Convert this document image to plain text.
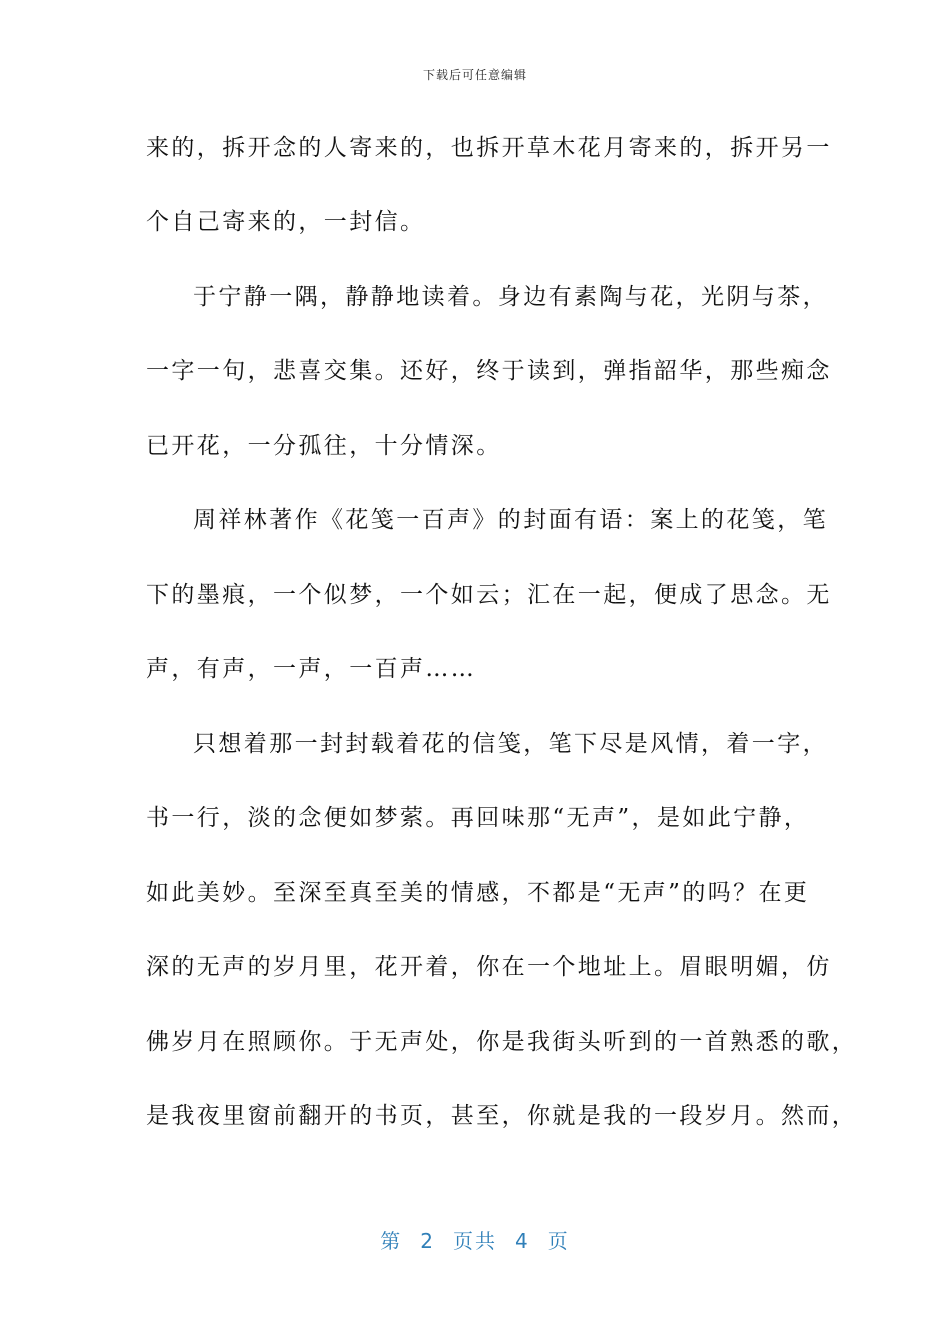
下载后可任意编辑
来的，拆开念的人寄来的，也拆开草木花月寄来的，拆开另一
个自己寄来的，一封信。
于宁静一隅，静静地读着。身边有素陶与花，光阴与茶，
一字一句，悲喜交集。还好，终于读到，弹指韶华，那些痴念
已开花，一分孤往，十分情深。
周祥林著作《花笺一百声》的封面有语：案上的花笺，笔
下的墨痕，一个似梦，一个如云；汇在一起，便成了思念。无
声，有声，一声，一百声……
只想着那一封封载着花的信笺，笔下尽是风情，着一字，
书一行，淡的念便如梦萦。再回味那“无声”，是如此宁静，
如此美妙。至深至真至美的情感，不都是“无声”的吗？在更
深的无声的岁月里，花开着，你在一个地址上。眉眼明媚，仿
佛岁月在照顾你。于无声处，你是我街头听到的一首熟悉的歌，
是我夜里窗前翻开的书页，甚至，你就是我的一段岁月。然而，
第 2 页共 4 页
